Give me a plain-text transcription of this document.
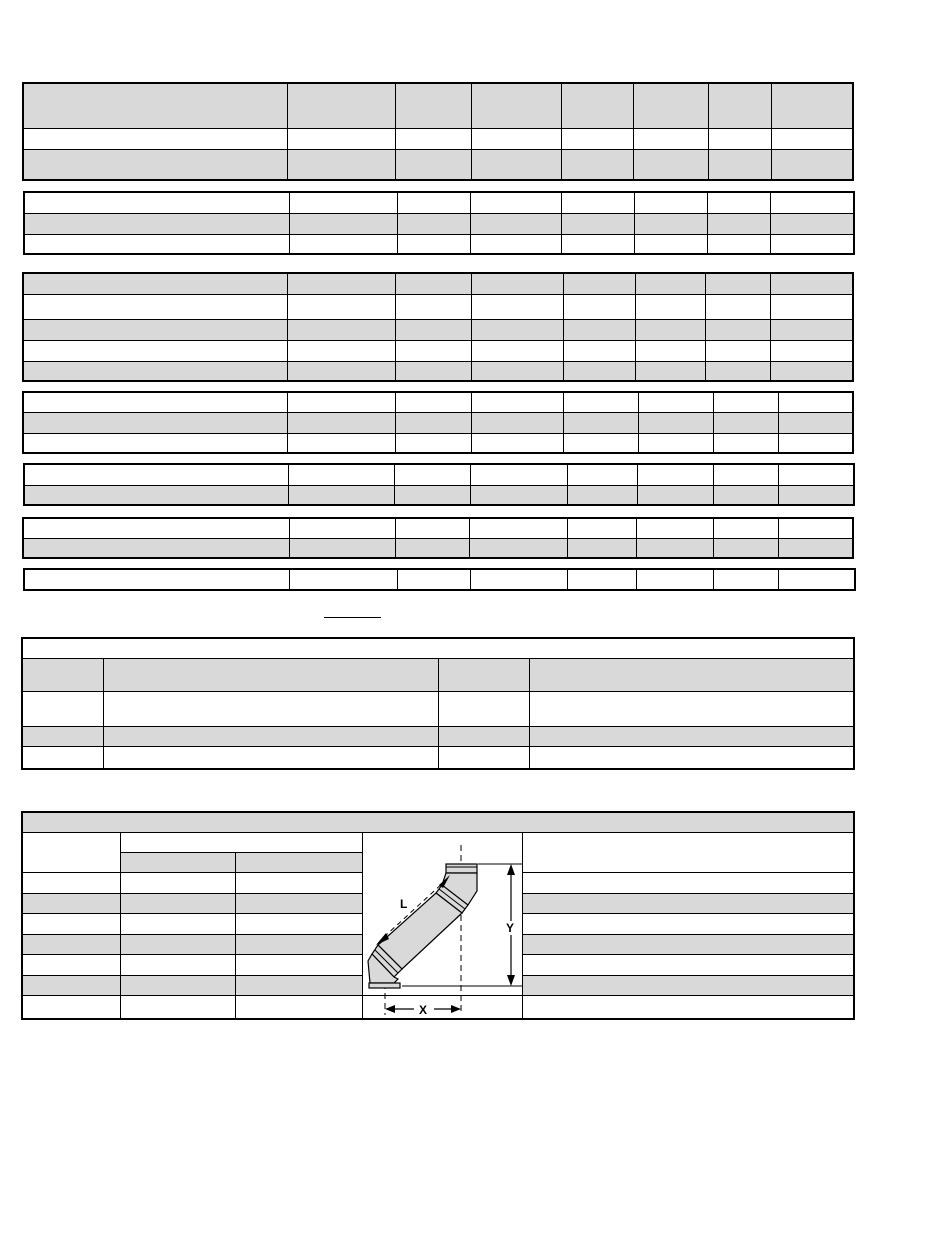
L
Y
X
